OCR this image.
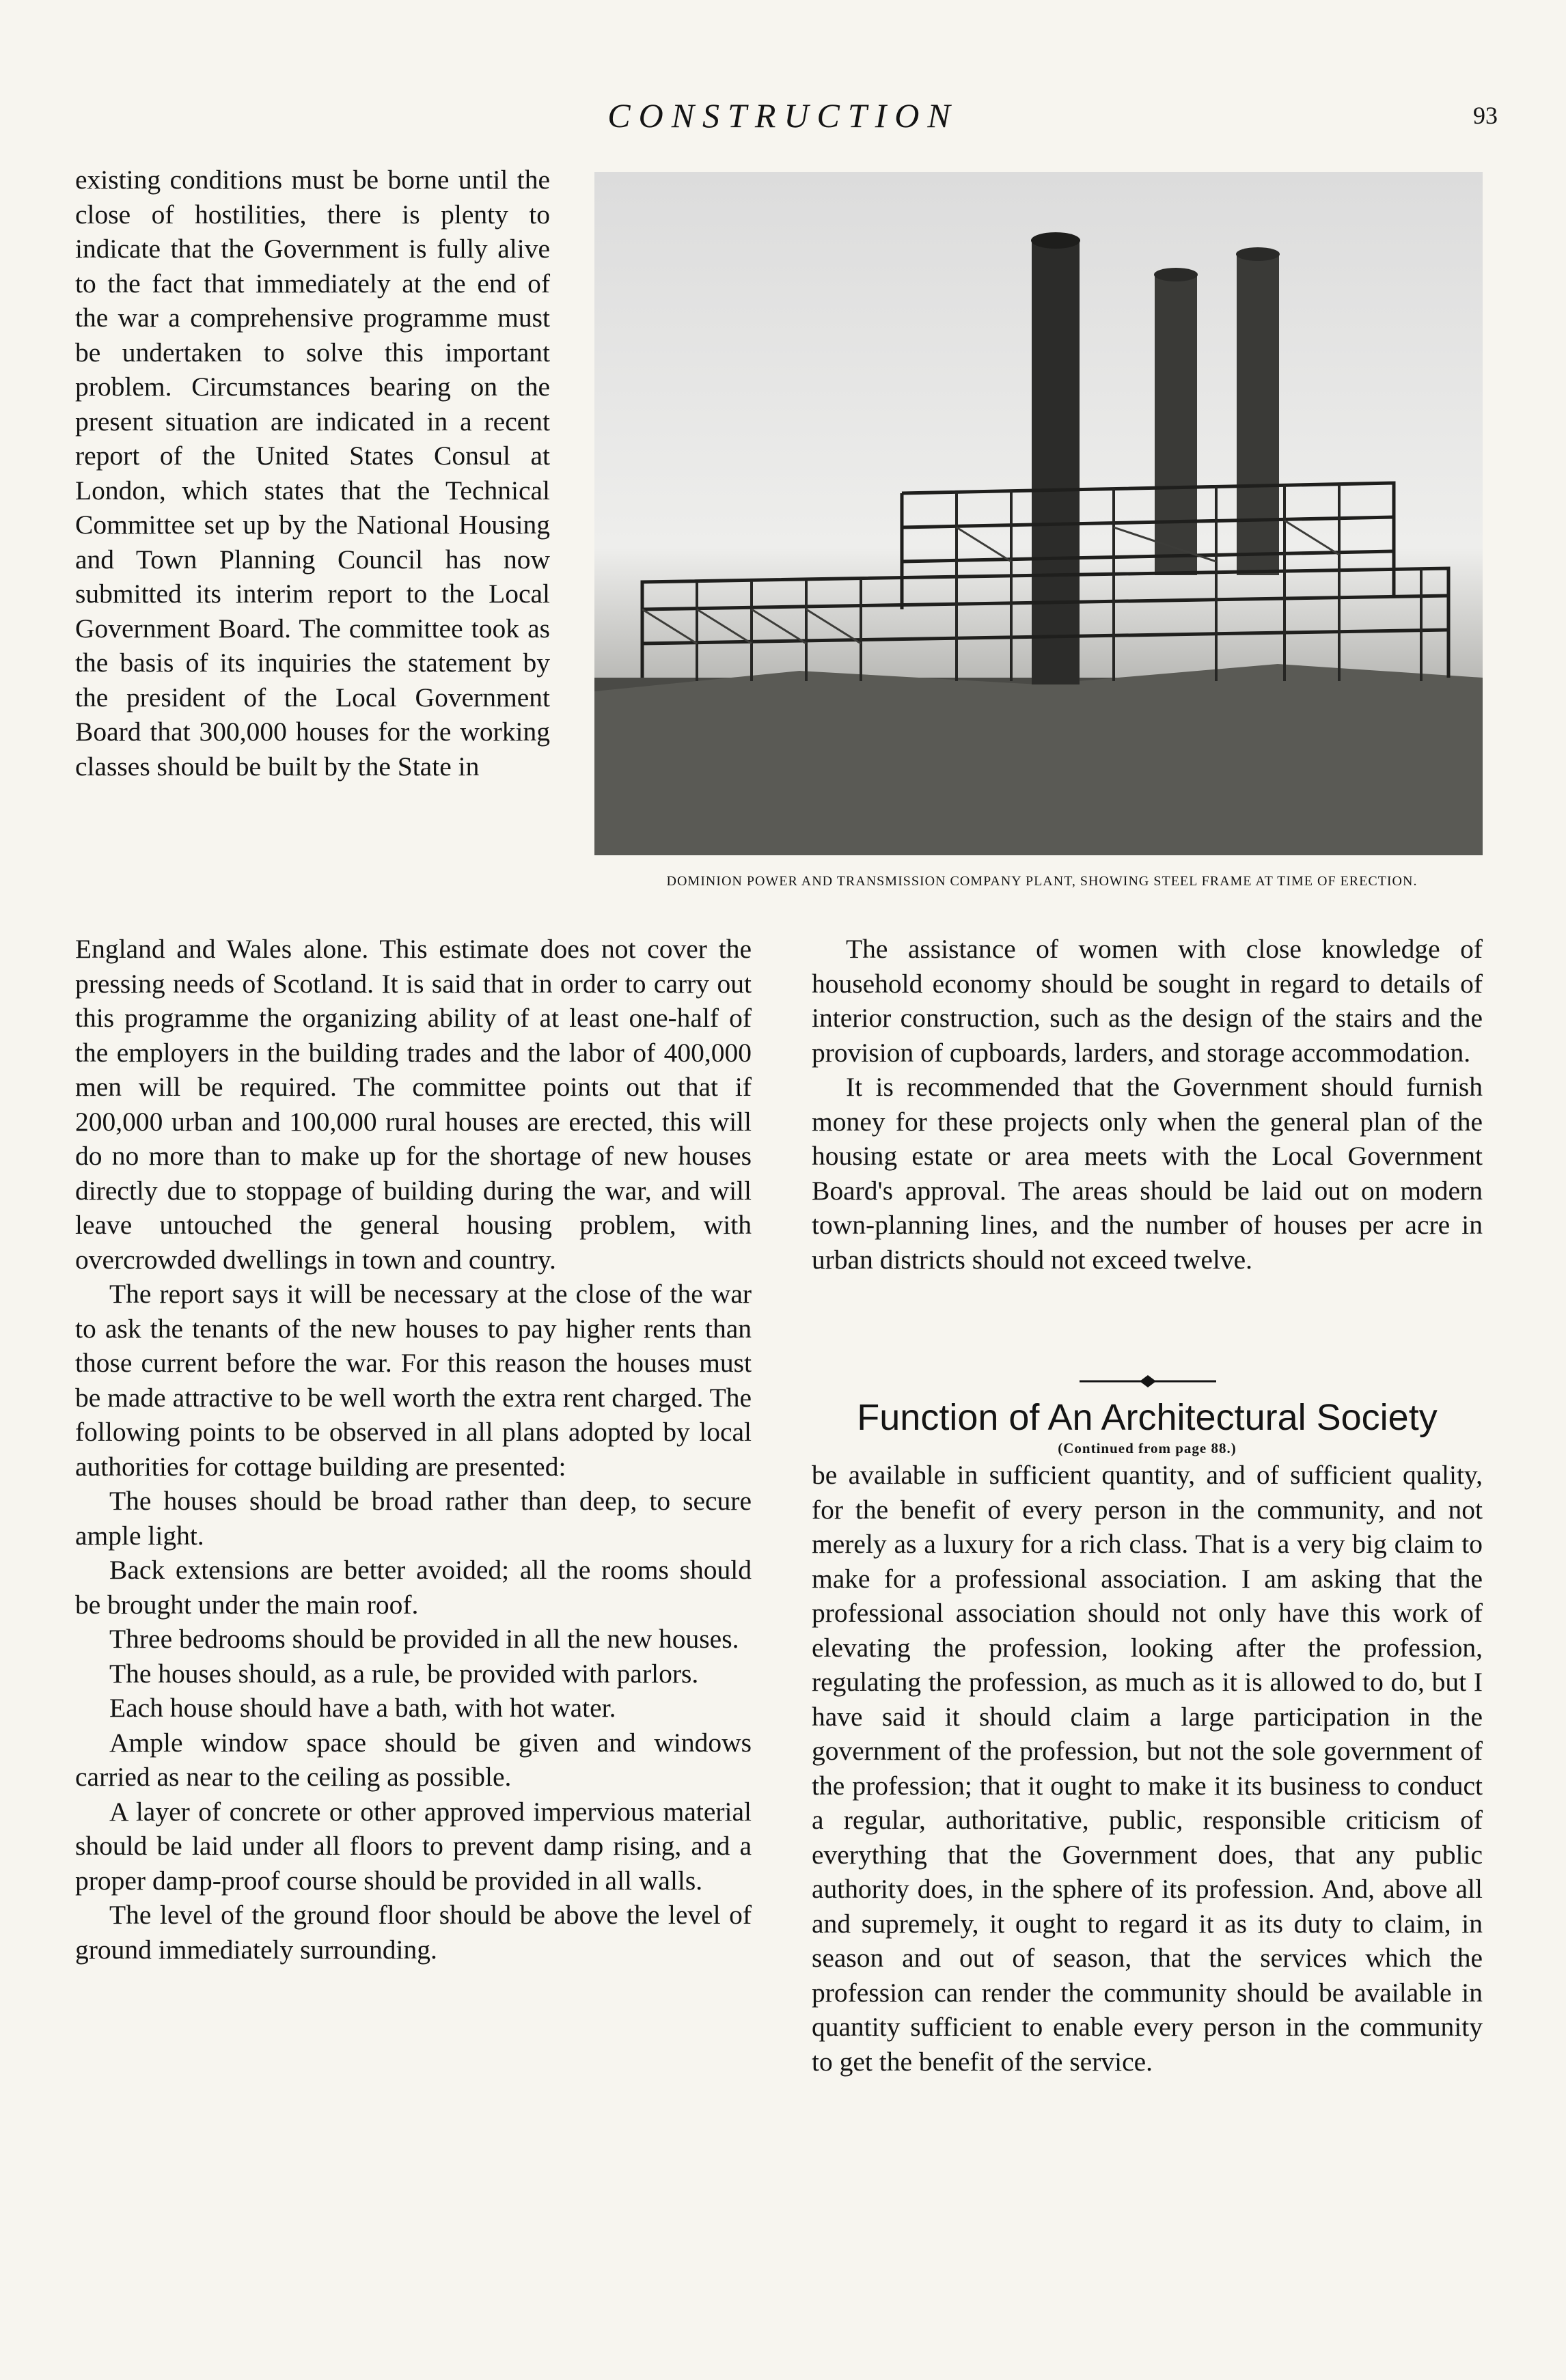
CONSTRUCTION	93

existing conditions must be borne until the close of hostilities, there is plenty to indicate that the Government is fully alive to the fact that immediately at the end of the war a comprehensive programme must be undertaken to solve this important problem. Circumstances bearing on the present situation are indicated in a recent report of the United States Consul at London, which states that the Technical Committee set up by the National Housing and Town Planning Council has now submitted its interim report to the Local Government Board. The committee took as the basis of its inquiries the statement by the president of the Local Government Board that 300,000 houses for the working classes should be built by the State in

DOMINION POWER AND TRANSMISSION COMPANY PLANT, SHOWING STEEL FRAME AT TIME OF ERECTION.

England and Wales alone. This estimate does not cover the pressing needs of Scotland. It is said that in order to carry out this programme the organizing ability of at least one-half of the employers in the building trades and the labor of 400,000 men will be required. The committee points out that if 200,000 urban and 100,000 rural houses are erected, this will do no more than to make up for the shortage of new houses directly due to stoppage of building during the war, and will leave untouched the general housing problem, with overcrowded dwellings in town and country.

The report says it will be necessary at the close of the war to ask the tenants of the new houses to pay higher rents than those current before the war. For this reason the houses must be made attractive to be well worth the extra rent charged. The following points to be observed in all plans adopted by local authorities for cottage building are presented:

The houses should be broad rather than deep, to secure ample light.

Back extensions are better avoided; all the rooms should be brought under the main roof.

Three bedrooms should be provided in all the new houses.

The houses should, as a rule, be provided with parlors.

Each house should have a bath, with hot water.

Ample window space should be given and windows carried as near to the ceiling as possible.

A layer of concrete or other approved impervious material should be laid under all floors to prevent damp rising, and a proper damp-proof course should be provided in all walls.

The level of the ground floor should be above the level of ground immediately surrounding.

The assistance of women with close knowledge of household economy should be sought in regard to details of interior construction, such as the design of the stairs and the provision of cupboards, larders, and storage accommodation.

It is recommended that the Government should furnish money for these projects only when the general plan of the housing estate or area meets with the Local Government Board's approval. The areas should be laid out on modern town-planning lines, and the number of houses per acre in urban districts should not exceed twelve.

Function of An Architectural Society
(Continued from page 88.)

be available in sufficient quantity, and of sufficient quality, for the benefit of every person in the community, and not merely as a luxury for a rich class. That is a very big claim to make for a professional association. I am asking that the professional association should not only have this work of elevating the profession, looking after the profession, regulating the profession, as much as it is allowed to do, but I have said it should claim a large participation in the government of the profession, but not the sole government of the profession; that it ought to make it its business to conduct a regular, authoritative, public, responsible criticism of everything that the Government does, that any public authority does, in the sphere of its profession. And, above all and supremely, it ought to regard it as its duty to claim, in season and out of season, that the services which the profession can render the community should be available in quantity sufficient to enable every person in the community to get the benefit of the service.
